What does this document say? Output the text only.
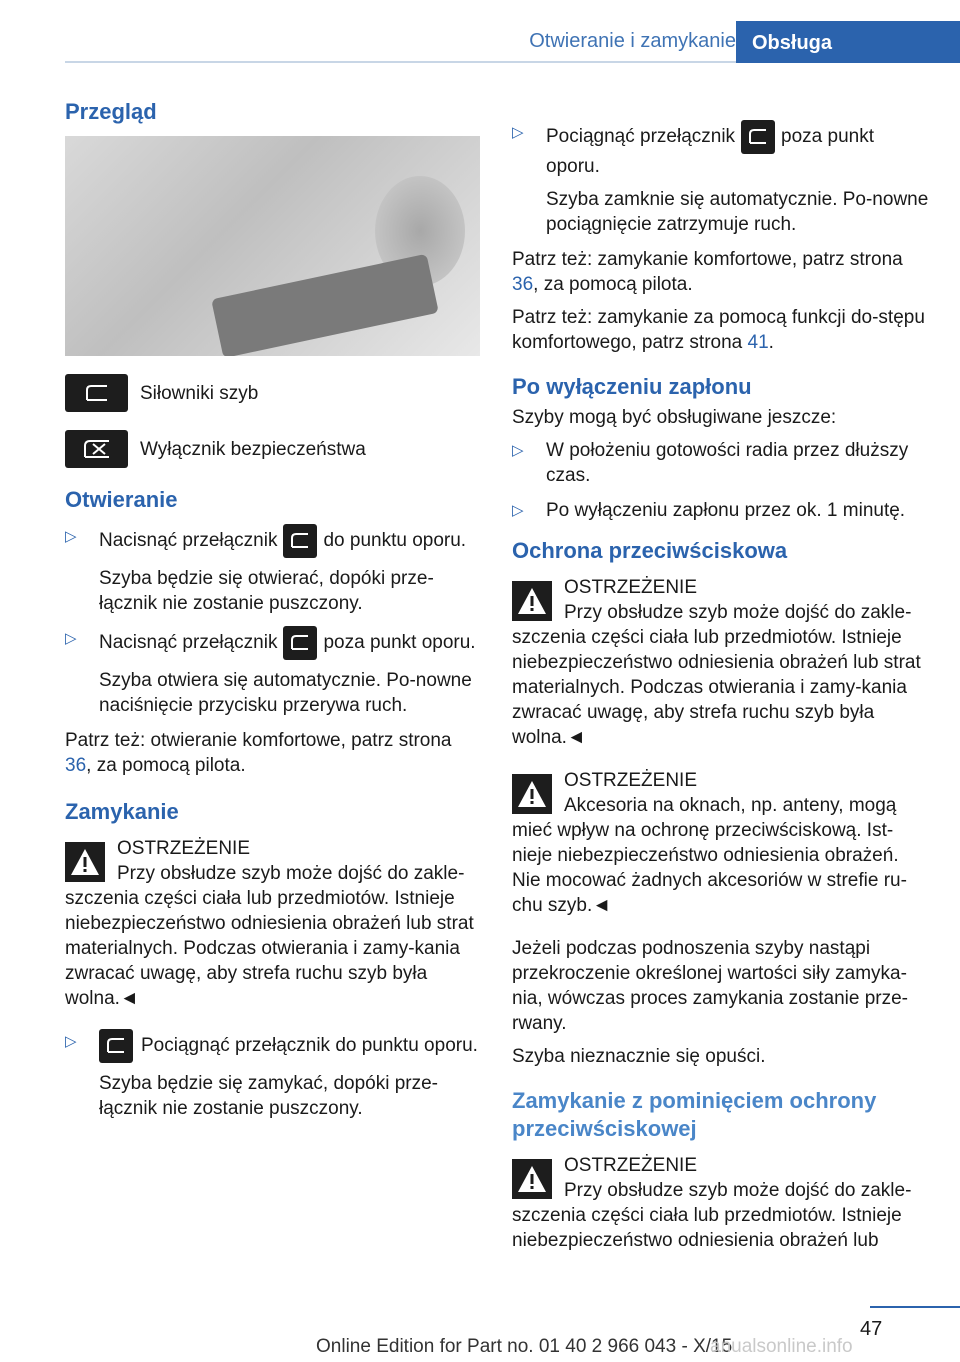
Otwieranie i zamykanie Obsługa
Przegląd
Siłowniki szyb
Wyłącznik bezpieczeństwa
Otwieranie
▷ Nacisnąć przełącznik do punktu oporu.

Szyba będzie się otwierać, dopóki prze-łącznik nie zostanie puszczony.

▷ Nacisnąć przełącznik poza punkt oporu.

Szyba otwiera się automatycznie. Po-nowne naciśnięcie przycisku przerywa ruch.

Patrz też: otwieranie komfortowe, patrz strona 36, za pomocą pilota.

Zamykanie
OSTRZEŻENIE
Przy obsłudze szyb może dojść do zakle-szczenia części ciała lub przedmiotów. Istnieje niebezpieczeństwo odniesienia obrażeń lub strat materialnych. Podczas otwierania i zamy-kania zwracać uwagę, aby strefa ruchu szyb była wolna.◄
▷	Pociągnąć przełącznik do punktu oporu.

Szyba będzie się zamykać, dopóki prze-łącznik nie zostanie puszczony.

▷ Pociągnąć przełącznik poza punkt oporu.

Szyba zamknie się automatycznie. Po-nowne pociągnięcie zatrzymuje ruch.

Patrz też: zamykanie komfortowe, patrz strona 36, za pomocą pilota.

Patrz też: zamykanie za pomocą funkcji do-stępu komfortowego, patrz strona 41.

Po wyłączeniu zapłonu

Szyby mogą być obsługiwane jeszcze:

▷ W położeniu gotowości radia przez dłuższy czas.
▷ Po wyłączeniu zapłonu przez ok. 1 minutę.
Ochrona przeciwściskowa
OSTRZEŻENIE
Przy obsłudze szyb może dojść do zakle-szczenia części ciała lub przedmiotów. Istnieje niebezpieczeństwo odniesienia obrażeń lub strat materialnych. Podczas otwierania i zamy-kania zwracać uwagę, aby strefa ruchu szyb była wolna.◄
OSTRZEŻENIE
Akcesoria na oknach, np. anteny, mogą mieć wpływ na ochronę przeciwściskową. Ist-nieje niebezpieczeństwo odniesienia obrażeń. Nie mocować żadnych akcesoriów w strefie ru-chu szyb.◄

Jeżeli podczas podnoszenia szyby nastąpi przekroczenie określonej wartości siły zamyka-nia, wówczas proces zamykania zostanie prze-rwany.

Szyba nieznacznie się opuści.

Zamykanie z pominięciem ochrony przeciwściskowej
OSTRZEŻENIE
Przy obsłudze szyb może dojść do zakle-szczenia części ciała lub przedmiotów. Istnieje niebezpieczeństwo odniesienia obrażeń lub
47
Online Edition for Part no. 01 40 2 966 043 - X/15
anualsonline.info
